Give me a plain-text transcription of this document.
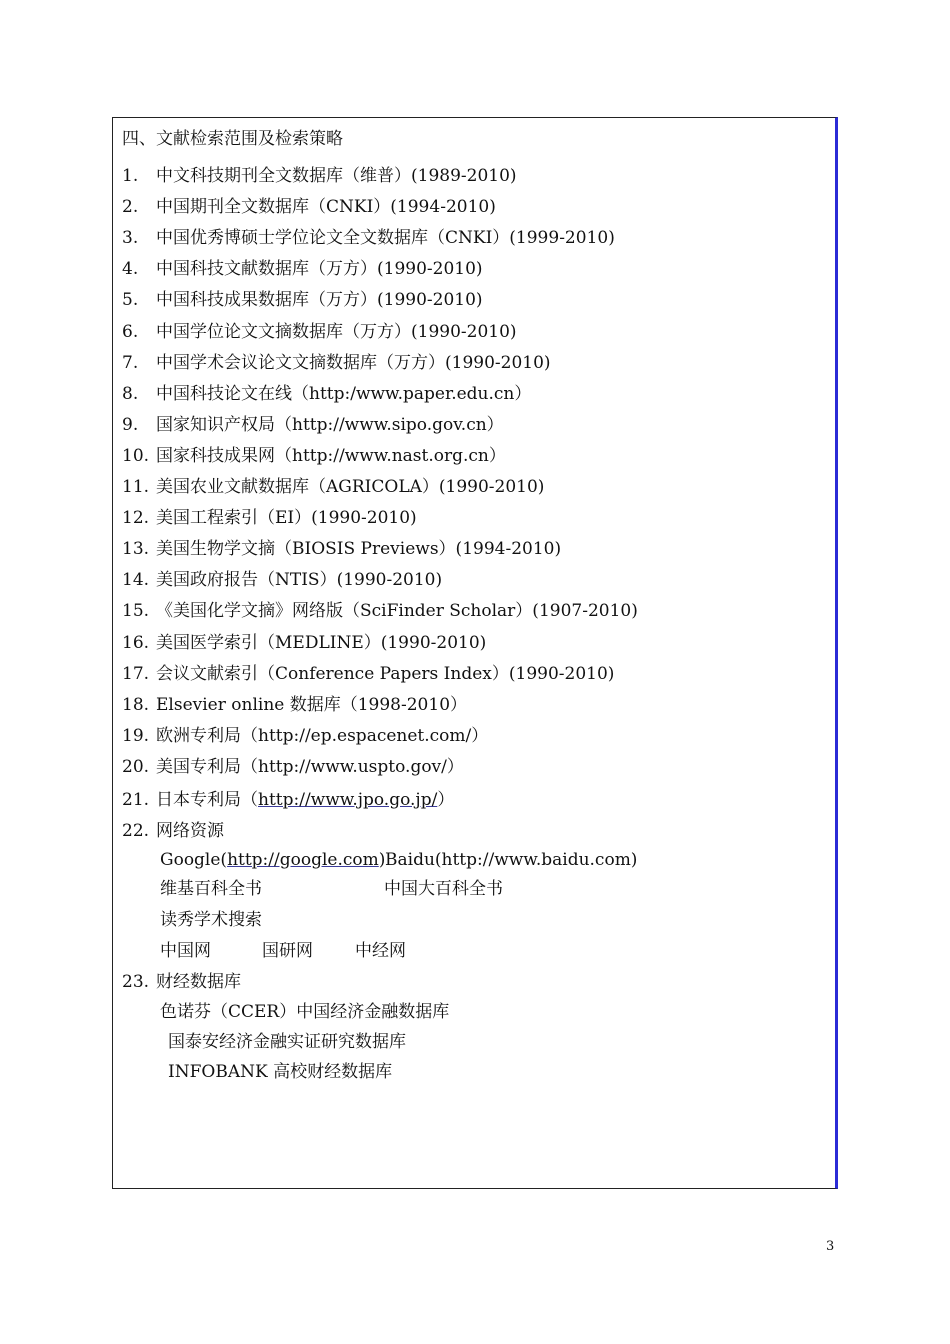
四、文献检索范围及检索策略
1. 中文科技期刊全文数据库（维普）(1989-2010)
2. 中国期刊全文数据库（CNKI）(1994-2010)
3. 中国优秀博硕士学位论文全文数据库（CNKI）(1999-2010)
4. 中国科技文献数据库（万方）(1990-2010)
5. 中国科技成果数据库（万方）(1990-2010)
6. 中国学位论文文摘数据库（万方）(1990-2010)
7. 中国学术会议论文文摘数据库（万方）(1990-2010)
8. 中国科技论文在线（http:/www.paper.edu.cn）
9. 国家知识产权局（http://www.sipo.gov.cn）
10. 国家科技成果网（http://www.nast.org.cn）
11. 美国农业文献数据库（AGRICOLA）(1990-2010)
12. 美国工程索引（EI）(1990-2010)
13. 美国生物学文摘（BIOSIS Previews）(1994-2010)
14. 美国政府报告（NTIS）(1990-2010)
15. 《美国化学文摘》网络版（SciFinder Scholar）(1907-2010)
16. 美国医学索引（MEDLINE）(1990-2010)
17. 会议文献索引（Conference Papers Index）(1990-2010)
18. Elsevier online 数据库（1998-2010）
19. 欧洲专利局（http://ep.espacenet.com/）
20. 美国专利局（http://www.uspto.gov/）
21. 日本专利局（http://www.jpo.go.jp/）
22. 网络资源
Google(http://google.com) Baidu(http://www.baidu.com)
维基百科全书	中国大百科全书
读秀学术搜索
中国网	国研网 中经网
23. 财经数据库
色诺芬（CCER）中国经济金融数据库
国泰安经济金融实证研究数据库
INFOBANK 高校财经数据库
3
